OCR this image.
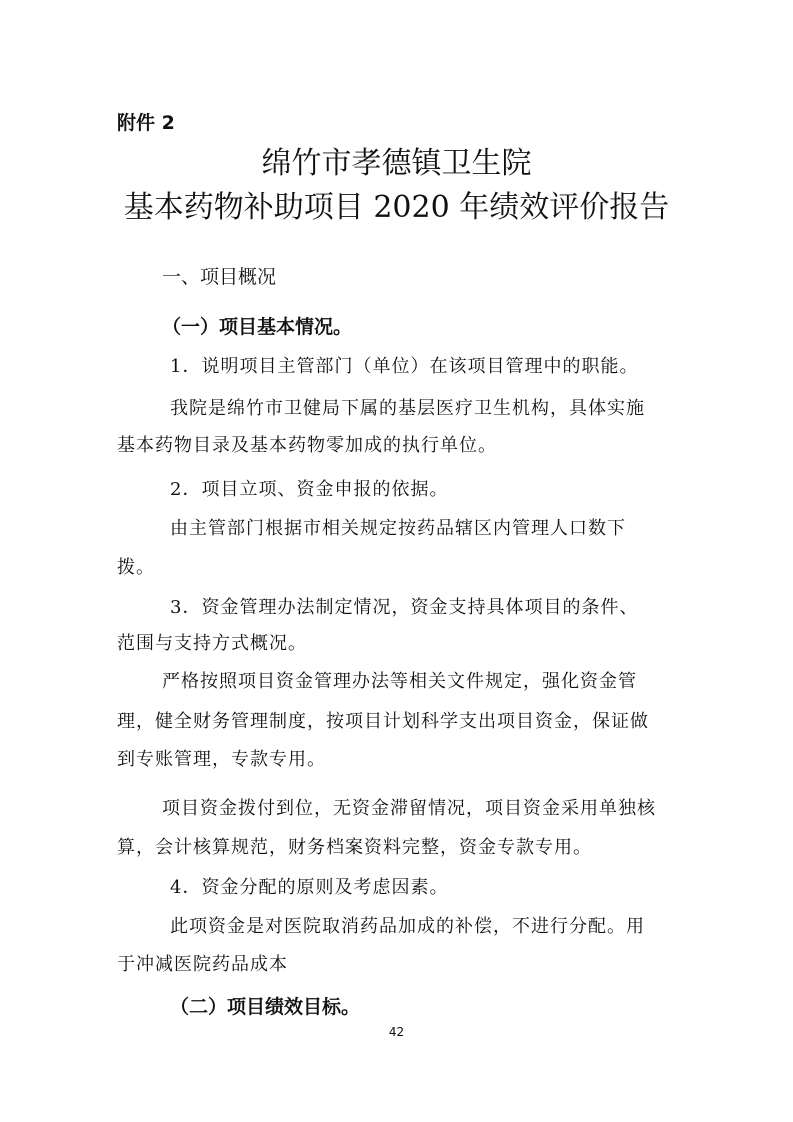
附件 2
绵竹市孝德镇卫生院
基本药物补助项目 2020 年绩效评价报告
一、项目概况
（一）项目基本情况。
1．说明项目主管部门（单位）在该项目管理中的职能。
我院是绵竹市卫健局下属的基层医疗卫生机构，具体实施
基本药物目录及基本药物零加成的执行单位。
2．项目立项、资金申报的依据。
由主管部门根据市相关规定按药品辖区内管理人口数下
拨。
3．资金管理办法制定情况，资金支持具体项目的条件、
范围与支持方式概况。
严格按照项目资金管理办法等相关文件规定，强化资金管
理，健全财务管理制度，按项目计划科学支出项目资金，保证做
到专账管理，专款专用。
项目资金拨付到位，无资金滞留情况，项目资金采用单独核
算，会计核算规范，财务档案资料完整，资金专款专用。
4．资金分配的原则及考虑因素。
此项资金是对医院取消药品加成的补偿，不进行分配。用
于冲减医院药品成本
（二）项目绩效目标。
42
